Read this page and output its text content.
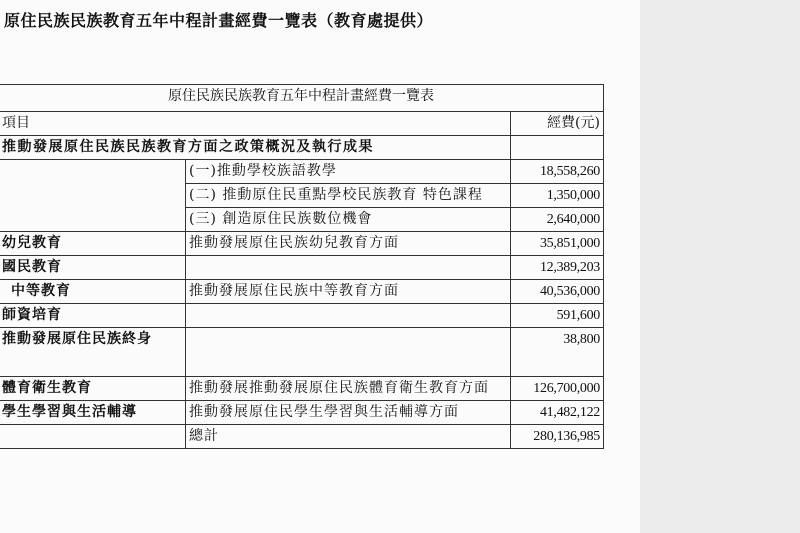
原住民族民族教育五年中程計畫經費一覽表（教育處提供）
原住民族民族教育五年中程計畫經費一覽表		
項目		經費(元)
推動發展原住民族民族教育方面之政策概況及執行成果		
	(一)推動學校族語教學	18,558,260
	(二) 推動原住民重點學校民族教育 特色課程	1,350,000
	(三) 創造原住民族數位機會	2,640,000
幼兒教育	推動發展原住民族幼兒教育方面	35,851,000
國民教育		12,389,203
中等教育	推動發展原住民族中等教育方面	40,536,000
師資培育		591,600
推動發展原住民族終身		38,800
體育衛生教育	推動發展推動發展原住民族體育衛生教育方面	126,700,000
學生學習與生活輔導	推動發展原住民學生學習與生活輔導方面	41,482,122
	總計	280,136,985
